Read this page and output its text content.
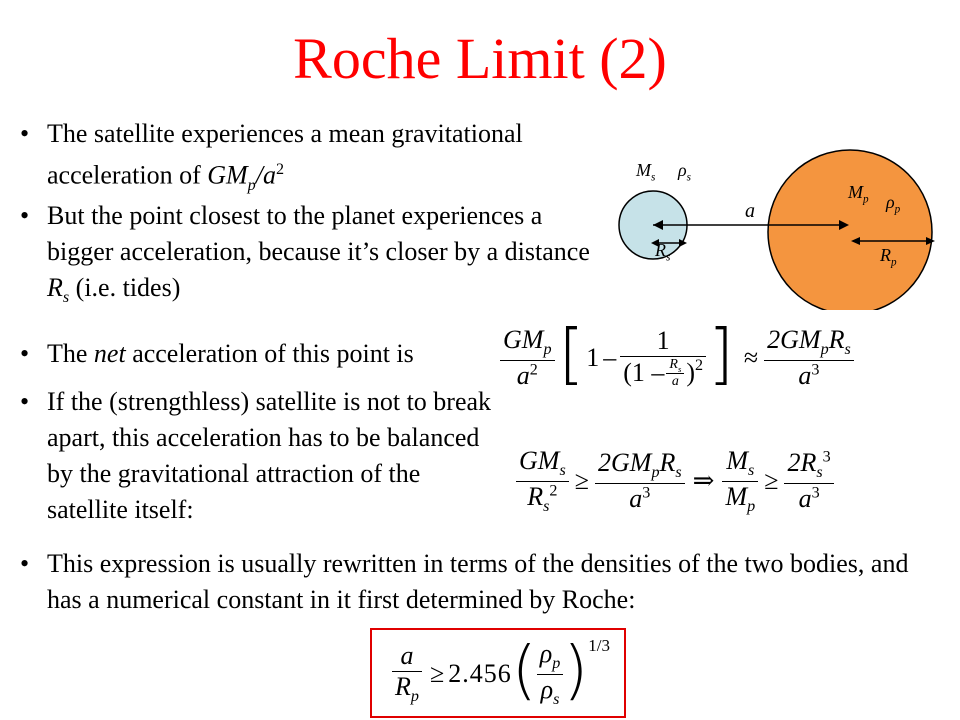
Roche Limit (2)
• The satellite experiences a mean gravitational acceleration of $GM_p/a^2$
• But the point closest to the planet experiences a bigger acceleration, because it’s closer by a distance $R_s$ (i.e. tides)
• The net acceleration of this point is
• If the (strengthless) satellite is not to break apart, this acceleration has to be balanced by the gravitational attraction of the satellite itself:
• This expression is usually rewritten in terms of the densities of the two bodies, and has a numerical constant in it first determined by Roche:
$M_s$ $\rho_s$
$M_p$ $\rho_p$
a
$R_s$	$R_p$
$\frac{GM_p}{a^2}$ [ $1 - \frac{1}{(1 - \frac{R_s}{a} )^2}$ ] ≈ $\frac{2GM_pR_s}{a^3}$
$\frac{GM_s}{R_s^2} \ge \frac{2GM_pR_s}{a^3}$ ⇒ $\frac{M_s}{M_p} \ge \frac{2R_s^3}{a^3}$
$\frac{a}{R_p} \ge 2.456$ ( $\frac{\rho_p}{\rho_s}$ ) 1/3
